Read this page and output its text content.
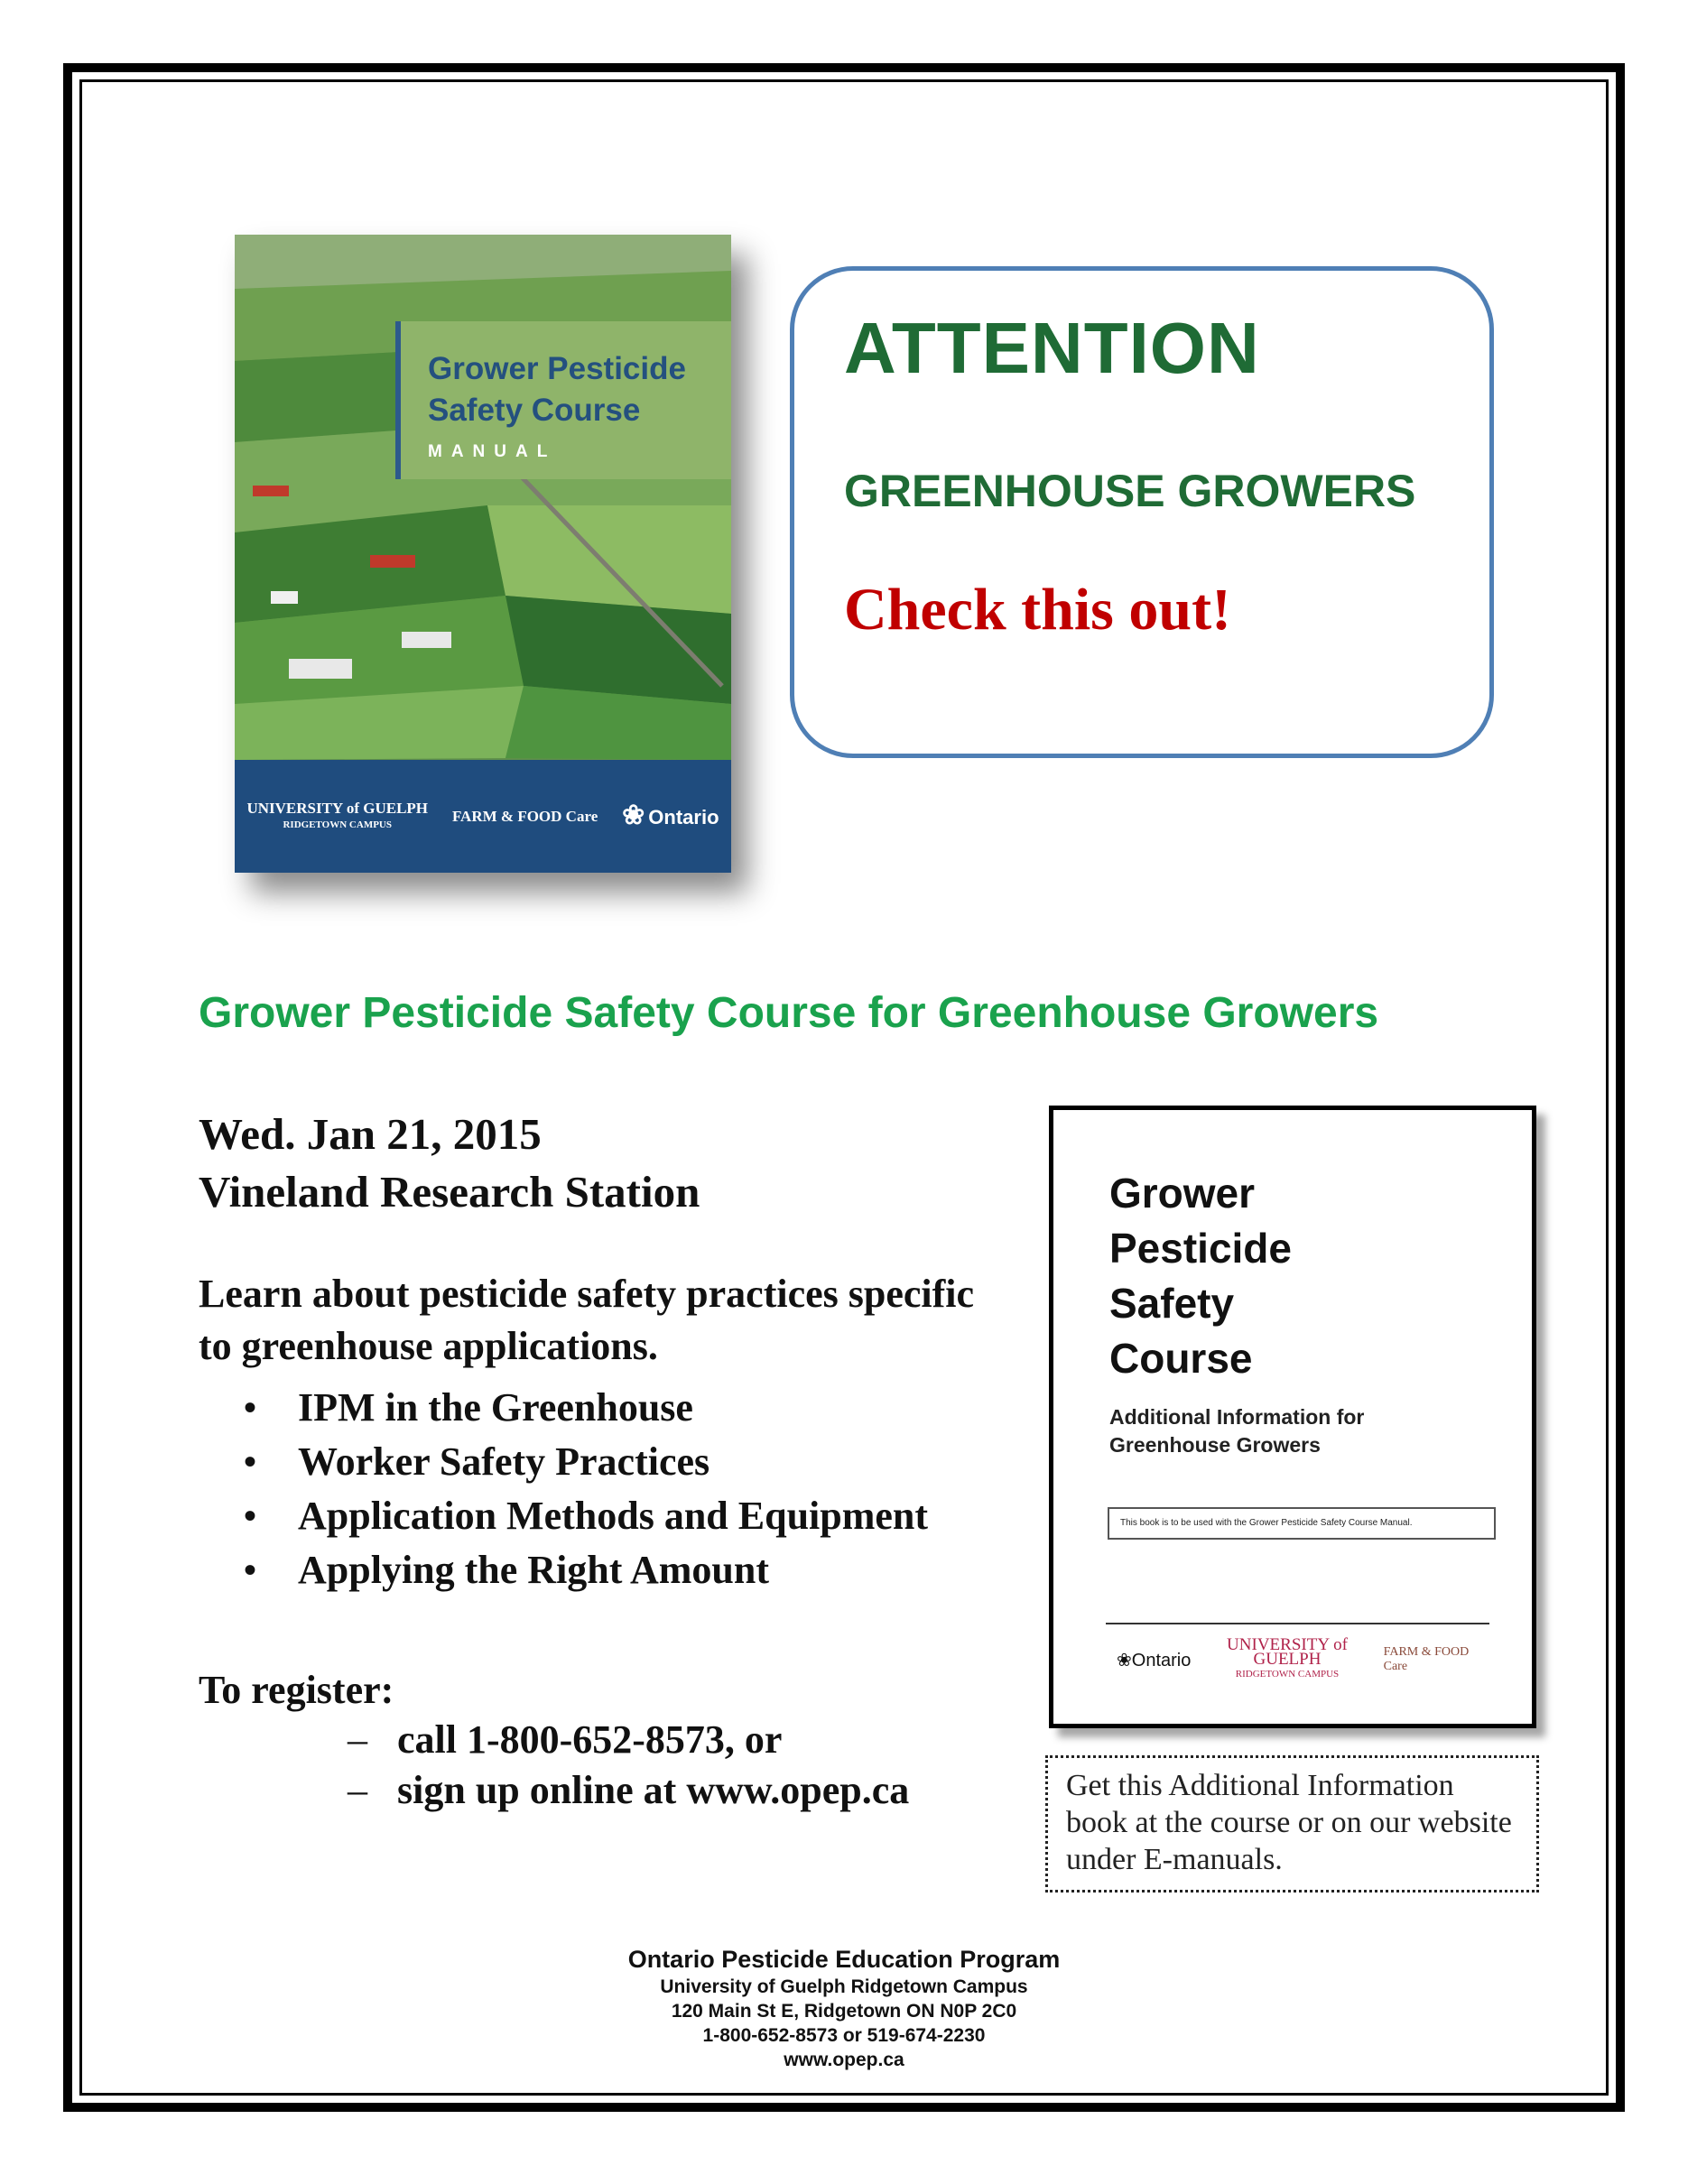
Grower Pesticide Safety Course
MANUAL
UNIVERSITY of GUELPH
RIDGETOWN CAMPUS	FARM & FOOD Care ❀ Ontario
ATTENTION
GREENHOUSE GROWERS
Check this out!
Grower Pesticide Safety Course for Greenhouse Growers
Wed. Jan 21, 2015
Vineland Research Station
Learn about pesticide safety practices specific to greenhouse applications.
• IPM in the Greenhouse
• Worker Safety Practices
• Application Methods and Equipment
• Applying the Right Amount
To register:
– call 1-800-652-8573, or
– sign up online at www.opep.ca
Grower
Pesticide
Safety
Course
Additional Information for
Greenhouse Growers
This book is to be used with the Grower Pesticide Safety Course Manual.
❀Ontario
UNIVERSITY of GUELPH
RIDGETOWN CAMPUS
FARM & FOOD Care
Get this Additional Information book at the course or on our website under E-manuals.
Ontario Pesticide Education Program
University of Guelph Ridgetown Campus
120 Main St E, Ridgetown ON N0P 2C0
1-800-652-8573 or 519-674-2230
www.opep.ca
